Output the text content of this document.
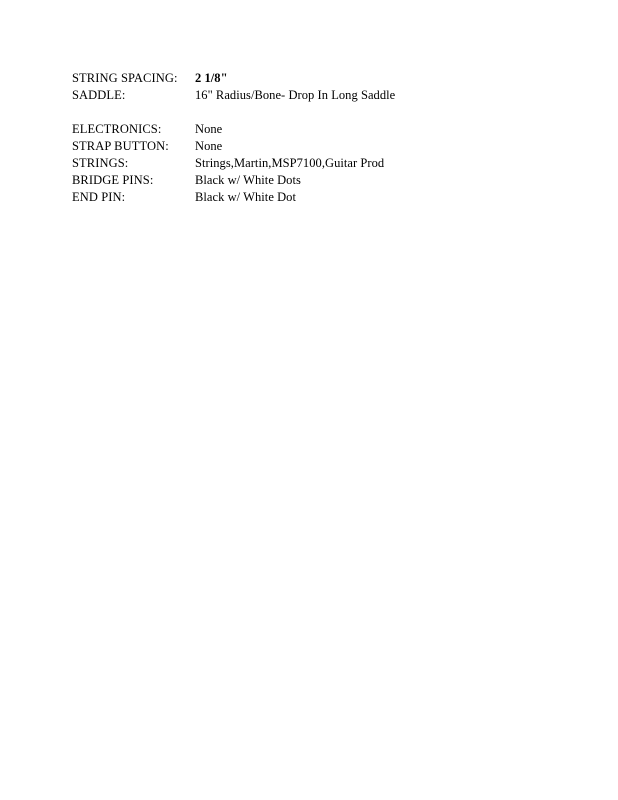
STRING SPACING:	2 1/8"
SADDLE:	16" Radius/Bone- Drop In Long Saddle
ELECTRONICS:	None
STRAP BUTTON:	None
STRINGS:	Strings,Martin,MSP7100,Guitar Prod
BRIDGE PINS:	Black w/ White Dots
END PIN:	Black w/ White Dot
